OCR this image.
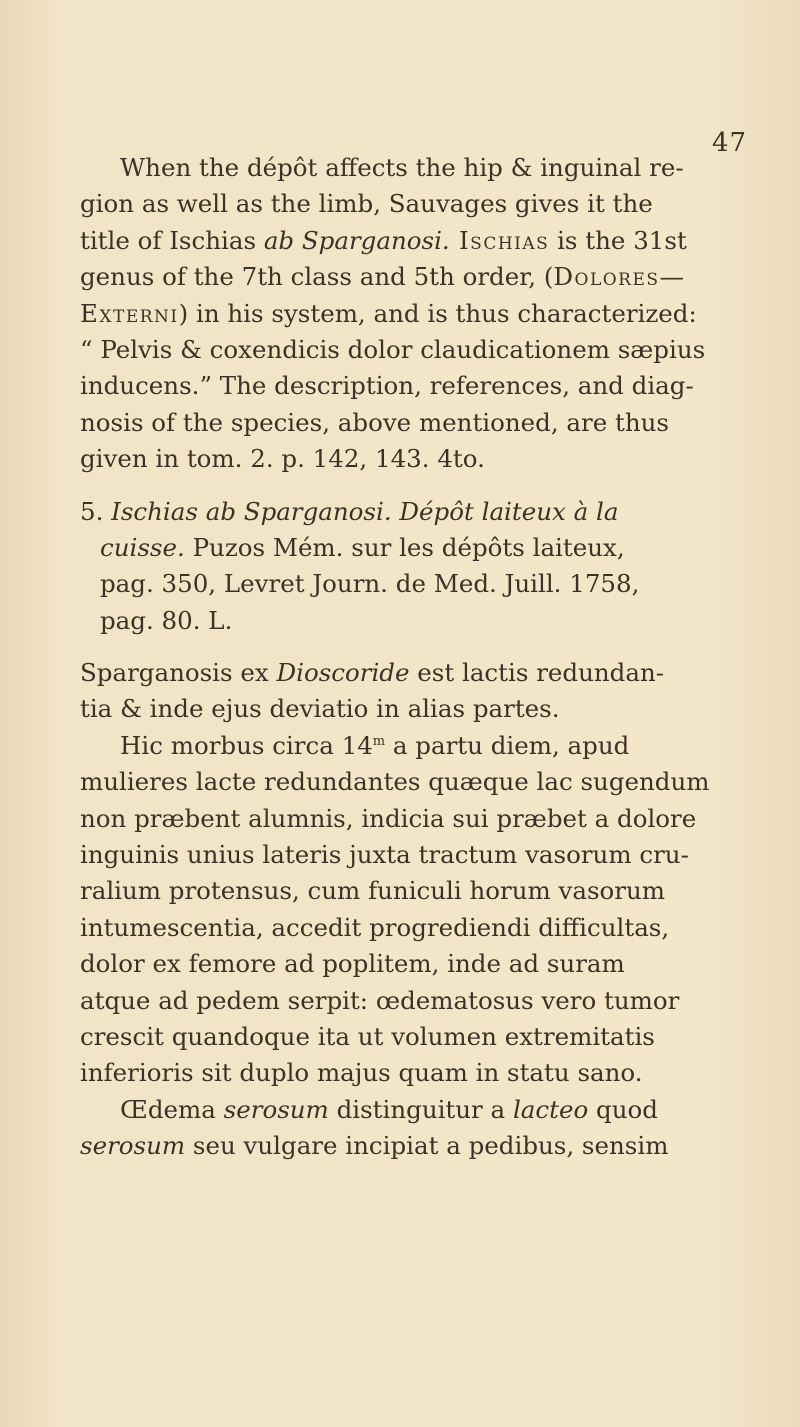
47
When the dépôt affects the hip & inguinal re-
gion as well as the limb, Sauvages gives it the
title of Ischias ab Sparganosi. Ischias is the 31st
genus of the 7th class and 5th order, (Dolores—
Externi) in his system, and is thus characterized:
“ Pelvis & coxendicis dolor claudicationem sæpius
inducens.” The description, references, and diag-
nosis of the species, above mentioned, are thus
given in tom. 2. p. 142, 143. 4to.
5. Ischias ab Sparganosi. Dépôt laiteux à la
cuisse. Puzos Mém. sur les dépôts laiteux,
pag. 350, Levret Journ. de Med. Juill. 1758,
pag. 80. L.
Sparganosis ex Dioscoride est lactis redundan-
tia & inde ejus deviatio in alias partes.
Hic morbus circa 14$^m$ a partu diem, apud
mulieres lacte redundantes quæque lac sugendum
non præbent alumnis, indicia sui præbet a dolore
inguinis unius lateris juxta tractum vasorum cru-
ralium protensus, cum funiculi horum vasorum
intumescentia, accedit progrediendi difficultas,
dolor ex femore ad poplitem, inde ad suram
atque ad pedem serpit: œdematosus vero tumor
crescit quandoque ita ut volumen extremitatis
inferioris sit duplo majus quam in statu sano.
Œdema serosum distinguitur a lacteo quod
serosum seu vulgare incipiat a pedibus, sensim
